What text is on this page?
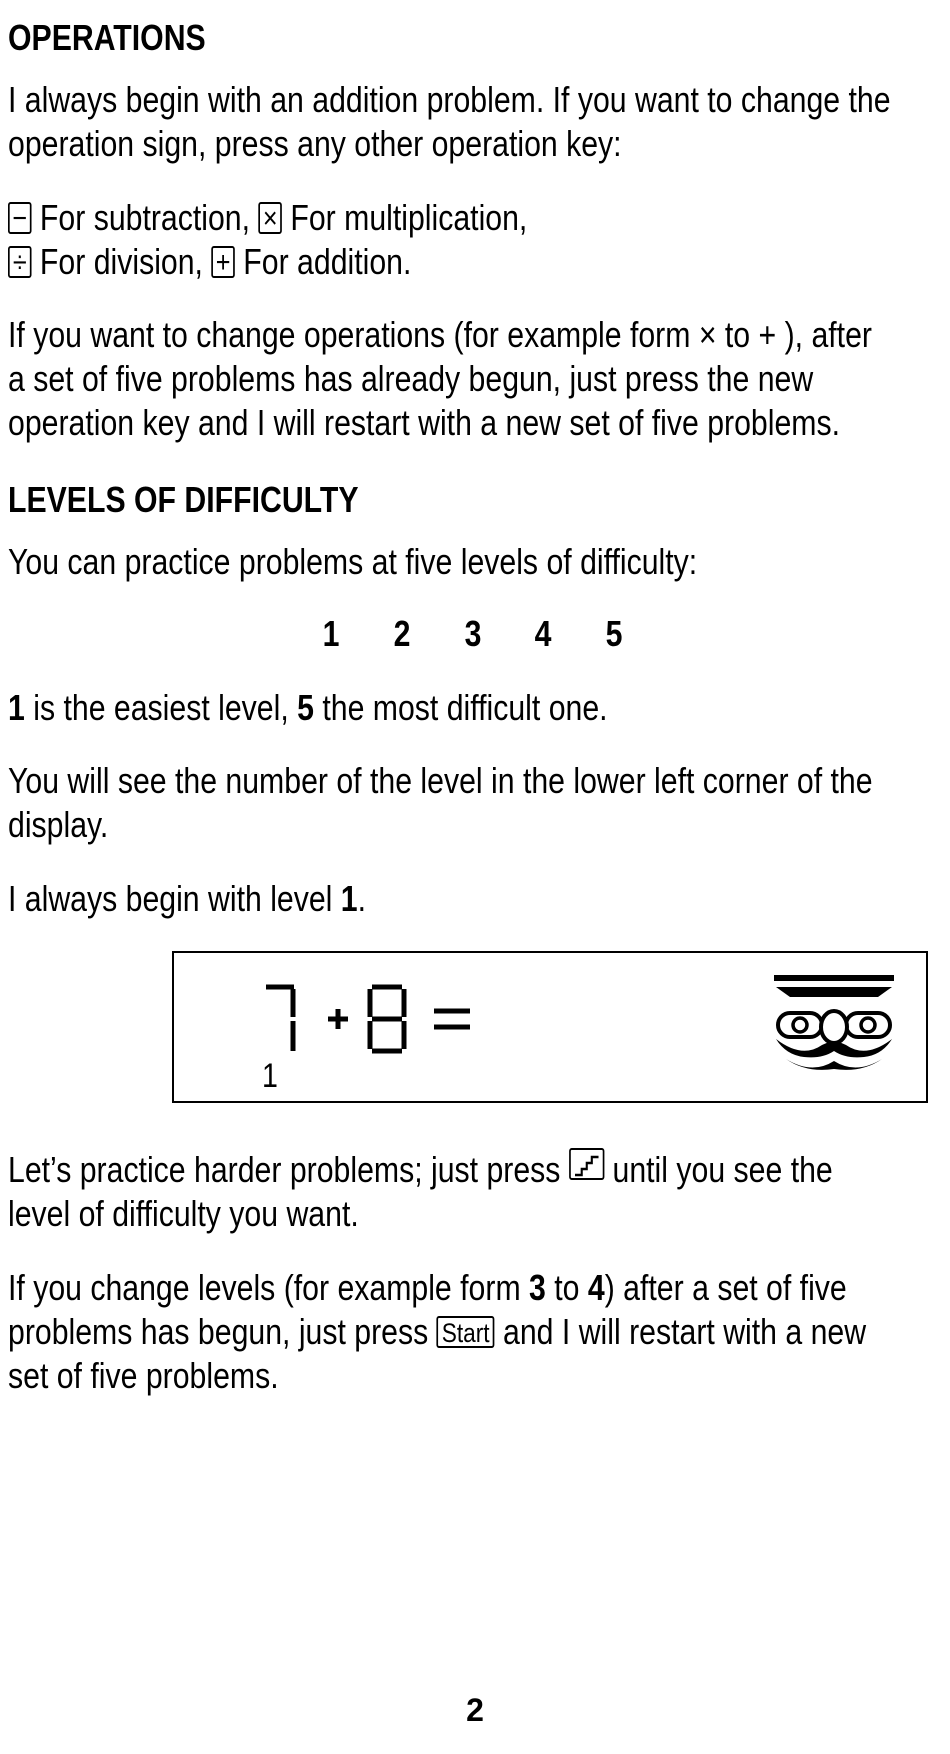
OPERATIONS

I always begin with an addition problem. If you want to change the

operation sign, press any other operation key:

− For subtraction, × For multiplication,

÷ For division, + For addition.

If you want to change operations (for example form × to + ), after

a set of five problems has already begun, just press the new

operation key and I will restart with a new set of five problems.

LEVELS OF DIFFICULTY

You can practice problems at five levels of difficulty:

1 2 3 4 5

1 is the easiest level, 5 the most difficult one.

You will see the number of the level in the lower left corner of the

display.

I always begin with level 1.

1

Let’s practice harder problems; just press until you see the

level of difficulty you want.

If you change levels (for example form 3 to 4) after a set of five

problems has begun, just press Start and I will restart with a new

set of five problems.

2
